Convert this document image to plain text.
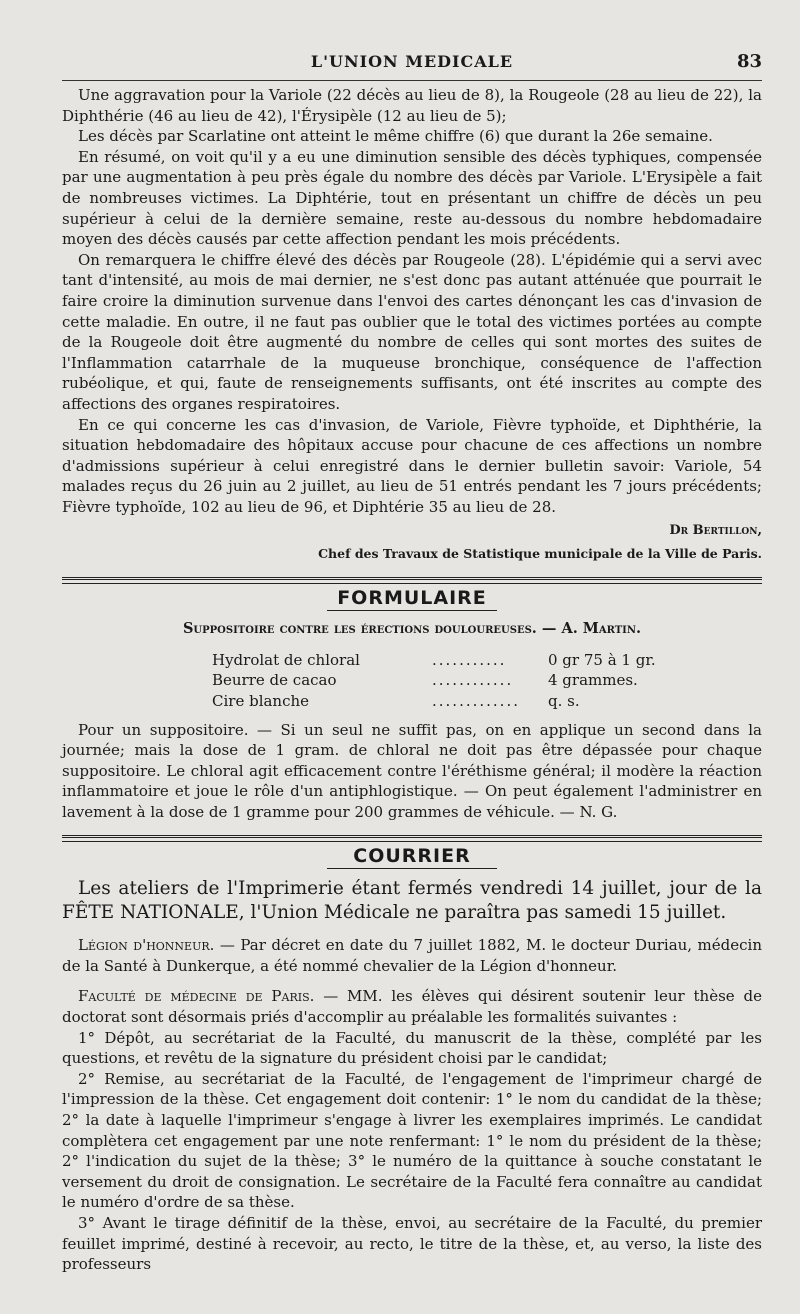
L'UNION MEDICALE	83

Une aggravation pour la Variole (22 décès au lieu de 8), la Rougeole (28 au lieu de 22), la Diphthérie (46 au lieu de 42), l'Érysipèle (12 au lieu de 5);

Les décès par Scarlatine ont atteint le même chiffre (6) que durant la 26e semaine.

En résumé, on voit qu'il y a eu une diminution sensible des décès typhiques, compensée par une augmentation à peu près égale du nombre des décès par Variole. L'Erysipèle a fait de nombreuses victimes. La Diphtérie, tout en présentant un chiffre de décès un peu supérieur à celui de la dernière semaine, reste au-dessous du nombre hebdomadaire moyen des décès causés par cette affection pendant les mois précédents.

On remarquera le chiffre élevé des décès par Rougeole (28). L'épidémie qui a servi avec tant d'intensité, au mois de mai dernier, ne s'est donc pas autant atténuée que pourrait le faire croire la diminution survenue dans l'envoi des cartes dénonçant les cas d'invasion de cette maladie. En outre, il ne faut pas oublier que le total des victimes portées au compte de la Rougeole doit être augmenté du nombre de celles qui sont mortes des suites de l'Inflammation catarrhale de la muqueuse bronchique, conséquence de l'affection rubéolique, et qui, faute de renseignements suffisants, ont été inscrites au compte des affections des organes respiratoires.

En ce qui concerne les cas d'invasion, de Variole, Fièvre typhoïde, et Diphthérie, la situation hebdomadaire des hôpitaux accuse pour chacune de ces affections un nombre d'admissions supérieur à celui enregistré dans le dernier bulletin savoir: Variole, 54 malades reçus du 26 juin au 2 juillet, au lieu de 51 entrés pendant les 7 jours précédents; Fièvre typhoïde, 102 au lieu de 96, et Diphtérie 35 au lieu de 28.

Dr Bertillon,
Chef des Travaux de Statistique municipale de la Ville de Paris.
FORMULAIRE
Suppositoire contre les érections douloureuses. — A. Martin.
Hydrolat de chloral	...........	0 gr 75 à 1 gr.
Beurre de cacao	............	4 grammes.
Cire blanche	.............	q. s.

Pour un suppositoire. — Si un seul ne suffit pas, on en applique un second dans la journée; mais la dose de 1 gram. de chloral ne doit pas être dépassée pour chaque suppositoire. Le chloral agit efficacement contre l'éréthisme général; il modère la réaction inflammatoire et joue le rôle d'un antiphlogistique. — On peut également l'administrer en lavement à la dose de 1 gramme pour 200 grammes de véhicule. — N. G.

COURRIER

Les ateliers de l'Imprimerie étant fermés vendredi 14 juillet, jour de la FÊTE NATIONALE, l'Union Médicale ne paraîtra pas samedi 15 juillet.

Légion d'honneur. — Par décret en date du 7 juillet 1882, M. le docteur Duriau, médecin de la Santé à Dunkerque, a été nommé chevalier de la Légion d'honneur.

Faculté de médecine de Paris. — MM. les élèves qui désirent soutenir leur thèse de doctorat sont désormais priés d'accomplir au préalable les formalités suivantes :

1° Dépôt, au secrétariat de la Faculté, du manuscrit de la thèse, complété par les questions, et revêtu de la signature du président choisi par le candidat;

2° Remise, au secrétariat de la Faculté, de l'engagement de l'imprimeur chargé de l'impression de la thèse. Cet engagement doit contenir: 1° le nom du candidat de la thèse; 2° la date à laquelle l'imprimeur s'engage à livrer les exemplaires imprimés. Le candidat complètera cet engagement par une note renfermant: 1° le nom du président de la thèse; 2° l'indication du sujet de la thèse; 3° le numéro de la quittance à souche constatant le versement du droit de consignation. Le secrétaire de la Faculté fera connaître au candidat le numéro d'ordre de sa thèse.

3° Avant le tirage définitif de la thèse, envoi, au secrétaire de la Faculté, du premier feuillet imprimé, destiné à recevoir, au recto, le titre de la thèse, et, au verso, la liste des professeurs
